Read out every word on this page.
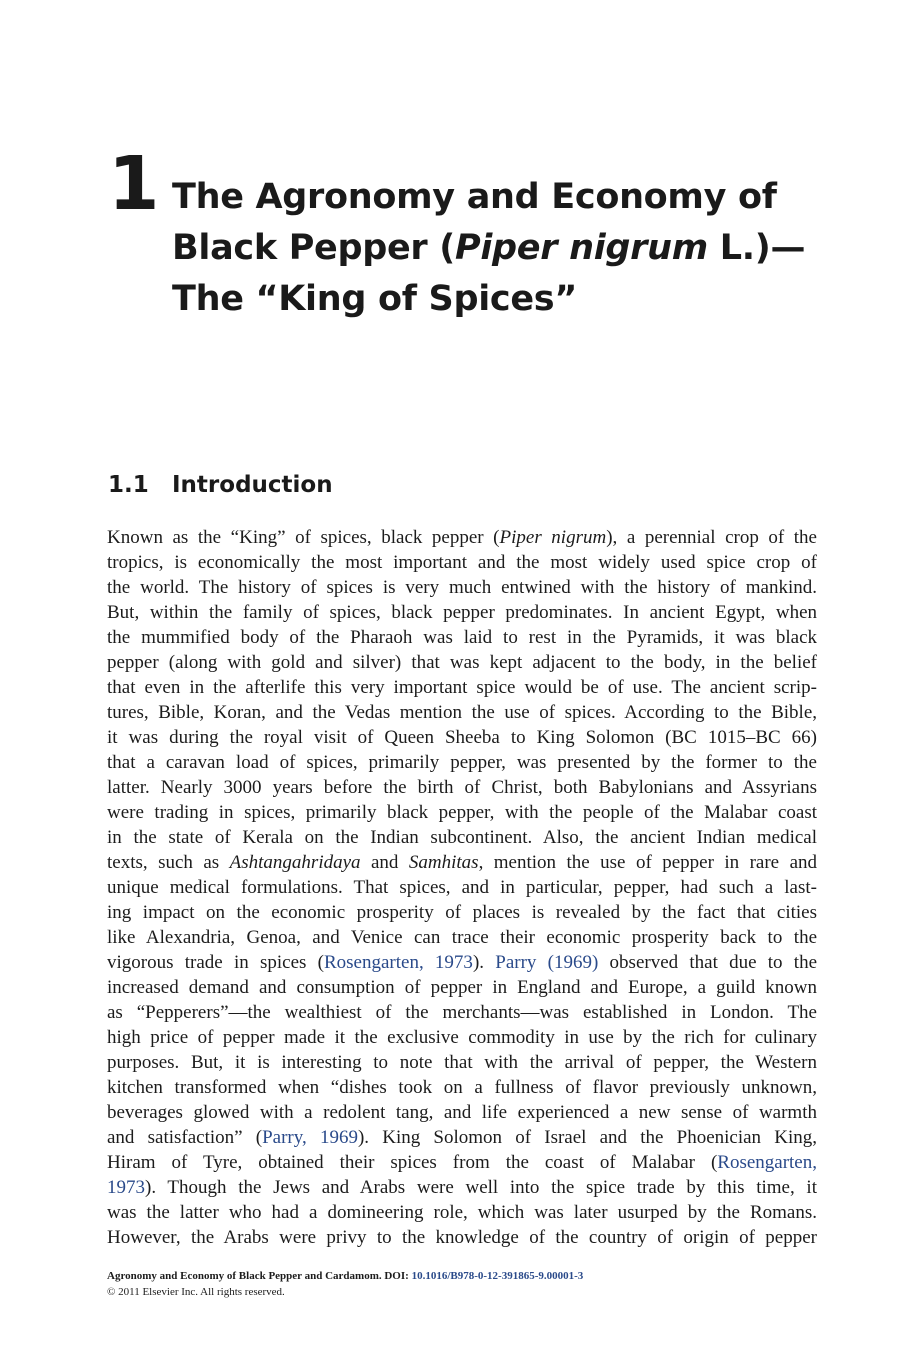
1 The Agronomy and Economy of
Black Pepper (Piper nigrum L.)—
The “King of Spices”
1.1 Introduction
Known as the “King” of spices, black pepper (Piper nigrum), a perennial crop of the
tropics, is economically the most important and the most widely used spice crop of
the world. The history of spices is very much entwined with the history of mankind.
But, within the family of spices, black pepper predominates. In ancient Egypt, when
the mummified body of the Pharaoh was laid to rest in the Pyramids, it was black
pepper (along with gold and silver) that was kept adjacent to the body, in the belief
that even in the afterlife this very important spice would be of use. The ancient scrip-
tures, Bible, Koran, and the Vedas mention the use of spices. According to the Bible,
it was during the royal visit of Queen Sheeba to King Solomon (BC 1015–BC 66)
that a caravan load of spices, primarily pepper, was presented by the former to the
latter. Nearly 3000 years before the birth of Christ, both Babylonians and Assyrians
were trading in spices, primarily black pepper, with the people of the Malabar coast
in the state of Kerala on the Indian subcontinent. Also, the ancient Indian medical
texts, such as Ashtangahridaya and Samhitas, mention the use of pepper in rare and
unique medical formulations. That spices, and in particular, pepper, had such a last-
ing impact on the economic prosperity of places is revealed by the fact that cities
like Alexandria, Genoa, and Venice can trace their economic prosperity back to the
vigorous trade in spices (Rosengarten, 1973). Parry (1969) observed that due to the
increased demand and consumption of pepper in England and Europe, a guild known
as “Pepperers”—the wealthiest of the merchants—was established in London. The
high price of pepper made it the exclusive commodity in use by the rich for culinary
purposes. But, it is interesting to note that with the arrival of pepper, the Western
kitchen transformed when “dishes took on a fullness of flavor previously unknown,
beverages glowed with a redolent tang, and life experienced a new sense of warmth
and satisfaction” (Parry, 1969). King Solomon of Israel and the Phoenician King,
Hiram of Tyre, obtained their spices from the coast of Malabar (Rosengarten,
1973). Though the Jews and Arabs were well into the spice trade by this time, it
was the latter who had a domineering role, which was later usurped by the Romans.
However, the Arabs were privy to the knowledge of the country of origin of pepper
Agronomy and Economy of Black Pepper and Cardamom. DOI: 10.1016/B978-0-12-391865-9.00001-3
© 2011 Elsevier Inc. All rights reserved.
